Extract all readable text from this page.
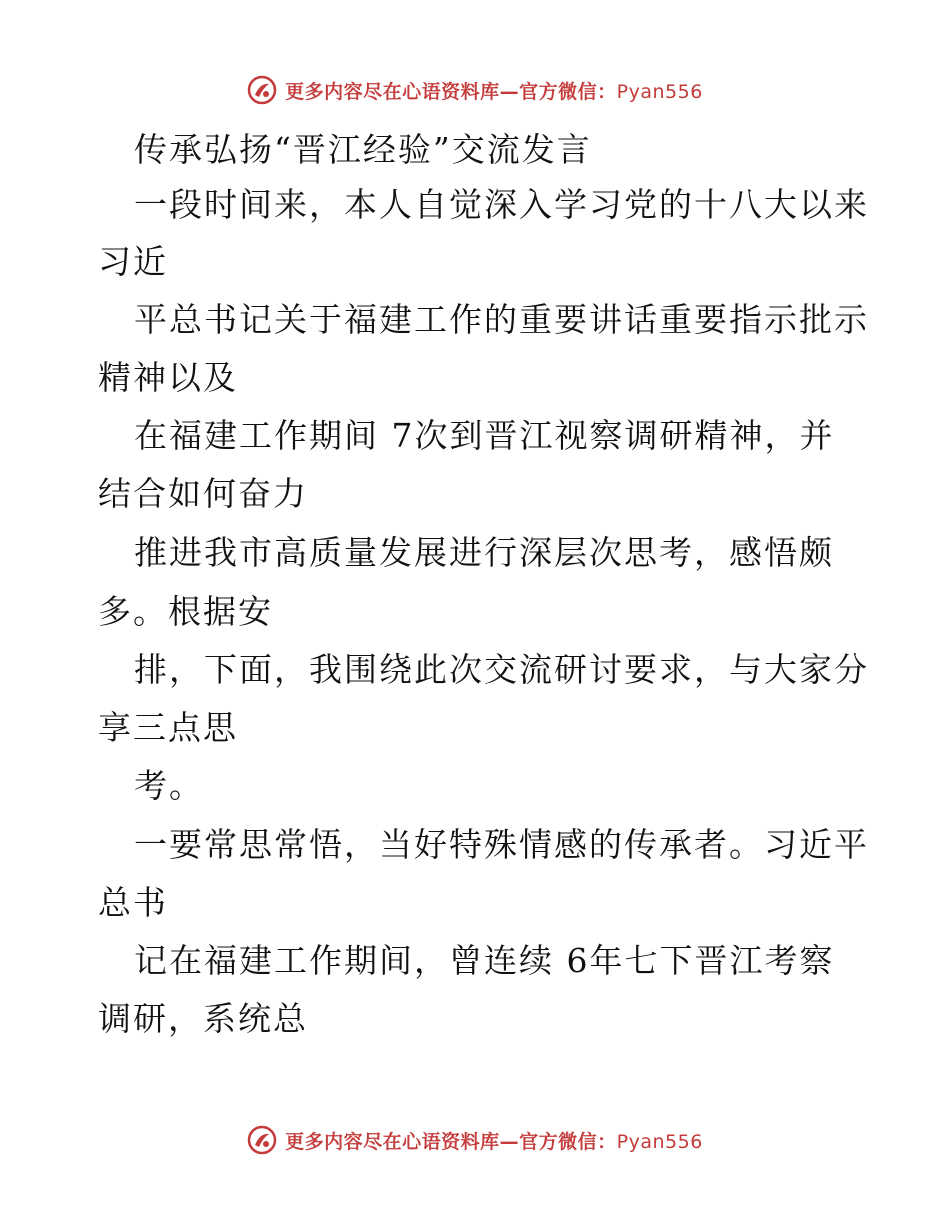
更多内容尽在心语资料库—官方微信：Pyan556
传承弘扬“晋江经验”交流发言
一段时间来，本人自觉深入学习党的十八大以来
习近
平总书记关于福建工作的重要讲话重要指示批示
精神以及
在福建工作期间 7次到晋江视察调研精神，并
结合如何奋力
推进我市高质量发展进行深层次思考，感悟颇
多。根据安
排，下面，我围绕此次交流研讨要求，与大家分
享三点思
考。
一要常思常悟，当好特殊情感的传承者。习近平
总书
记在福建工作期间，曾连续 6年七下晋江考察
调研，系统总
更多内容尽在心语资料库—官方微信：Pyan556
